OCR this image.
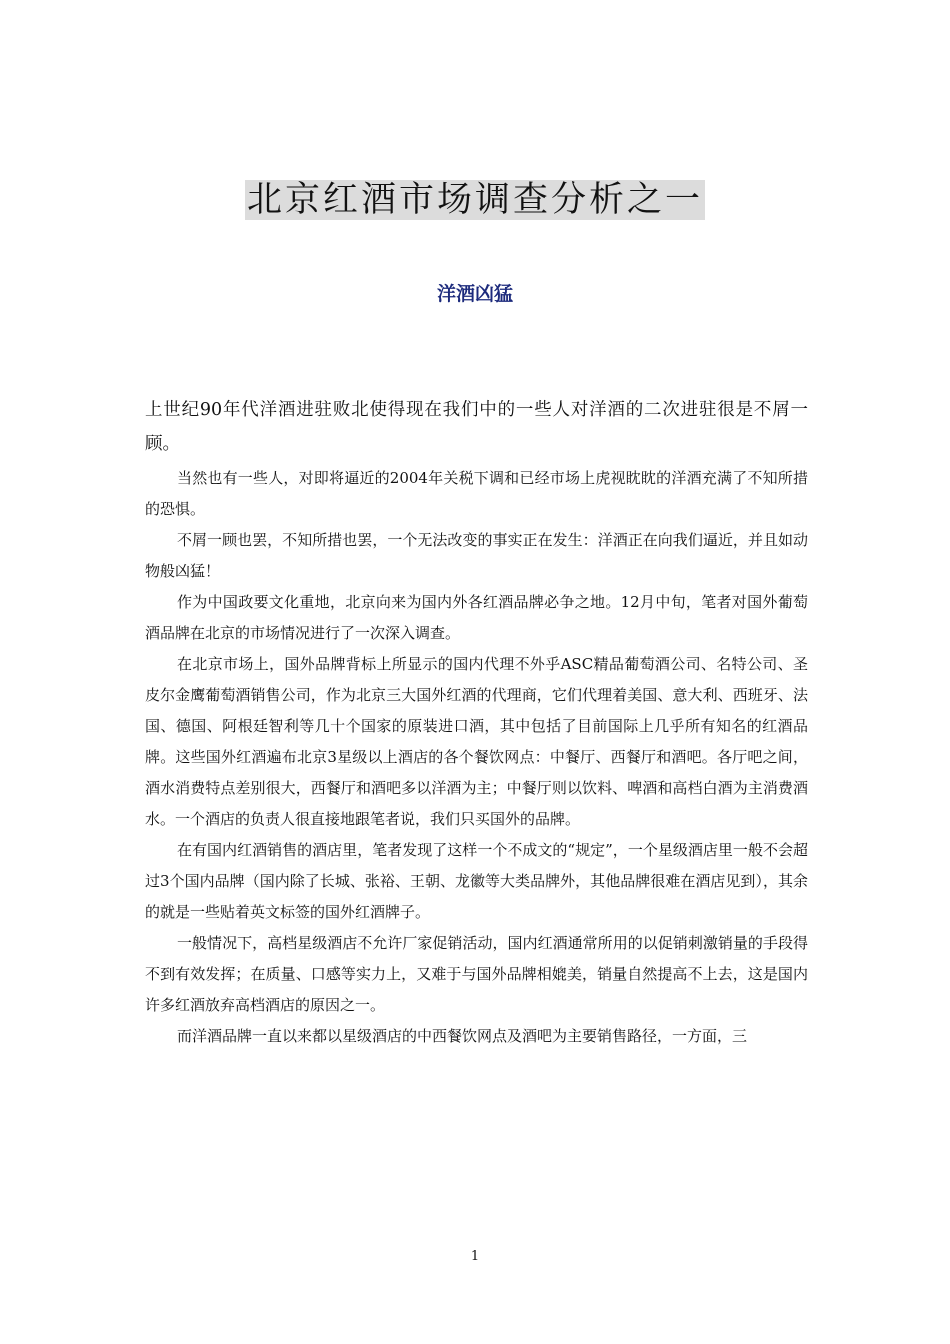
北京红酒市场调查分析之一
洋酒凶猛

上世纪90年代洋酒进驻败北使得现在我们中的一些人对洋酒的二次进驻很是不屑一顾。

当然也有一些人，对即将逼近的2004年关税下调和已经市场上虎视眈眈的洋酒充满了不知所措的恐惧。

不屑一顾也罢，不知所措也罢，一个无法改变的事实正在发生：洋酒正在向我们逼近，并且如动物般凶猛！

作为中国政要文化重地，北京向来为国内外各红酒品牌必争之地。12月中旬，笔者对国外葡萄酒品牌在北京的市场情况进行了一次深入调查。

在北京市场上，国外品牌背标上所显示的国内代理不外乎ASC精品葡萄酒公司、名特公司、圣皮尔金鹰葡萄酒销售公司，作为北京三大国外红酒的代理商，它们代理着美国、意大利、西班牙、法国、德国、阿根廷智利等几十个国家的原装进口酒，其中包括了目前国际上几乎所有知名的红酒品牌。这些国外红酒遍布北京3星级以上酒店的各个餐饮网点：中餐厅、西餐厅和酒吧。各厅吧之间，酒水消费特点差别很大，西餐厅和酒吧多以洋酒为主；中餐厅则以饮料、啤酒和高档白酒为主消费酒水。一个酒店的负责人很直接地跟笔者说，我们只买国外的品牌。

在有国内红酒销售的酒店里，笔者发现了这样一个不成文的“规定”，一个星级酒店里一般不会超过3个国内品牌（国内除了长城、张裕、王朝、龙徽等大类品牌外，其他品牌很难在酒店见到），其余的就是一些贴着英文标签的国外红酒牌子。

一般情况下，高档星级酒店不允许厂家促销活动，国内红酒通常所用的以促销刺激销量的手段得不到有效发挥；在质量、口感等实力上，又难于与国外品牌相媲美，销量自然提高不上去，这是国内许多红酒放弃高档酒店的原因之一。

而洋酒品牌一直以来都以星级酒店的中西餐饮网点及酒吧为主要销售路径，一方面，三

1
